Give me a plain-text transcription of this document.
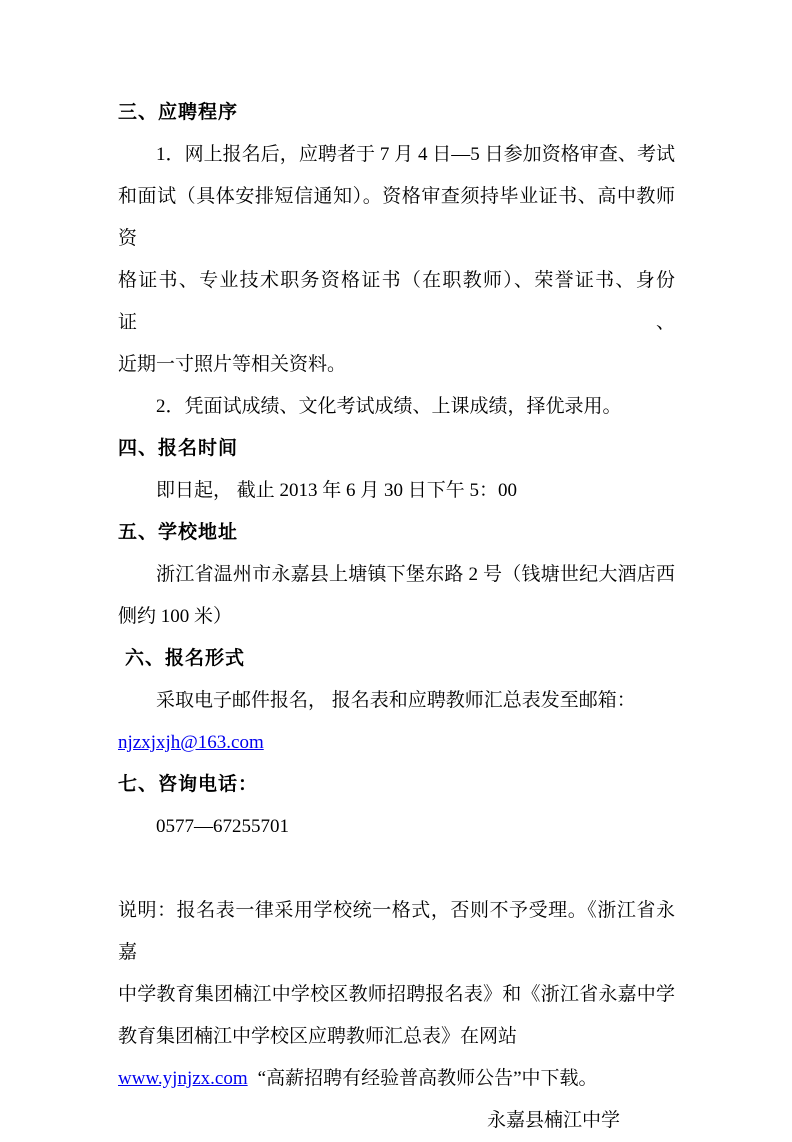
三、应聘程序
1．网上报名后，应聘者于 7 月 4 日—5 日参加资格审查、考试
和面试（具体安排短信通知）。资格审查须持毕业证书、高中教师资
格证书、专业技术职务资格证书（在职教师）、荣誉证书、身份证、
近期一寸照片等相关资料。
2．凭面试成绩、文化考试成绩、上课成绩，择优录用。
四、报名时间
即日起， 截止 2013 年 6 月 30 日下午 5：00
五、学校地址
浙江省温州市永嘉县上塘镇下堡东路 2 号（钱塘世纪大酒店西
侧约 100 米）
六、报名形式
采取电子邮件报名， 报名表和应聘教师汇总表发至邮箱：
njzxjxjh@163.com
七、咨询电话：
0577—67255701
说明：报名表一律采用学校统一格式，否则不予受理。《浙江省永嘉
中学教育集团楠江中学校区教师招聘报名表》和《浙江省永嘉中学
教育集团楠江中学校区应聘教师汇总表》在网站
www.yjnjzx.com “高薪招聘有经验普高教师公告”中下载。
永嘉县楠江中学
